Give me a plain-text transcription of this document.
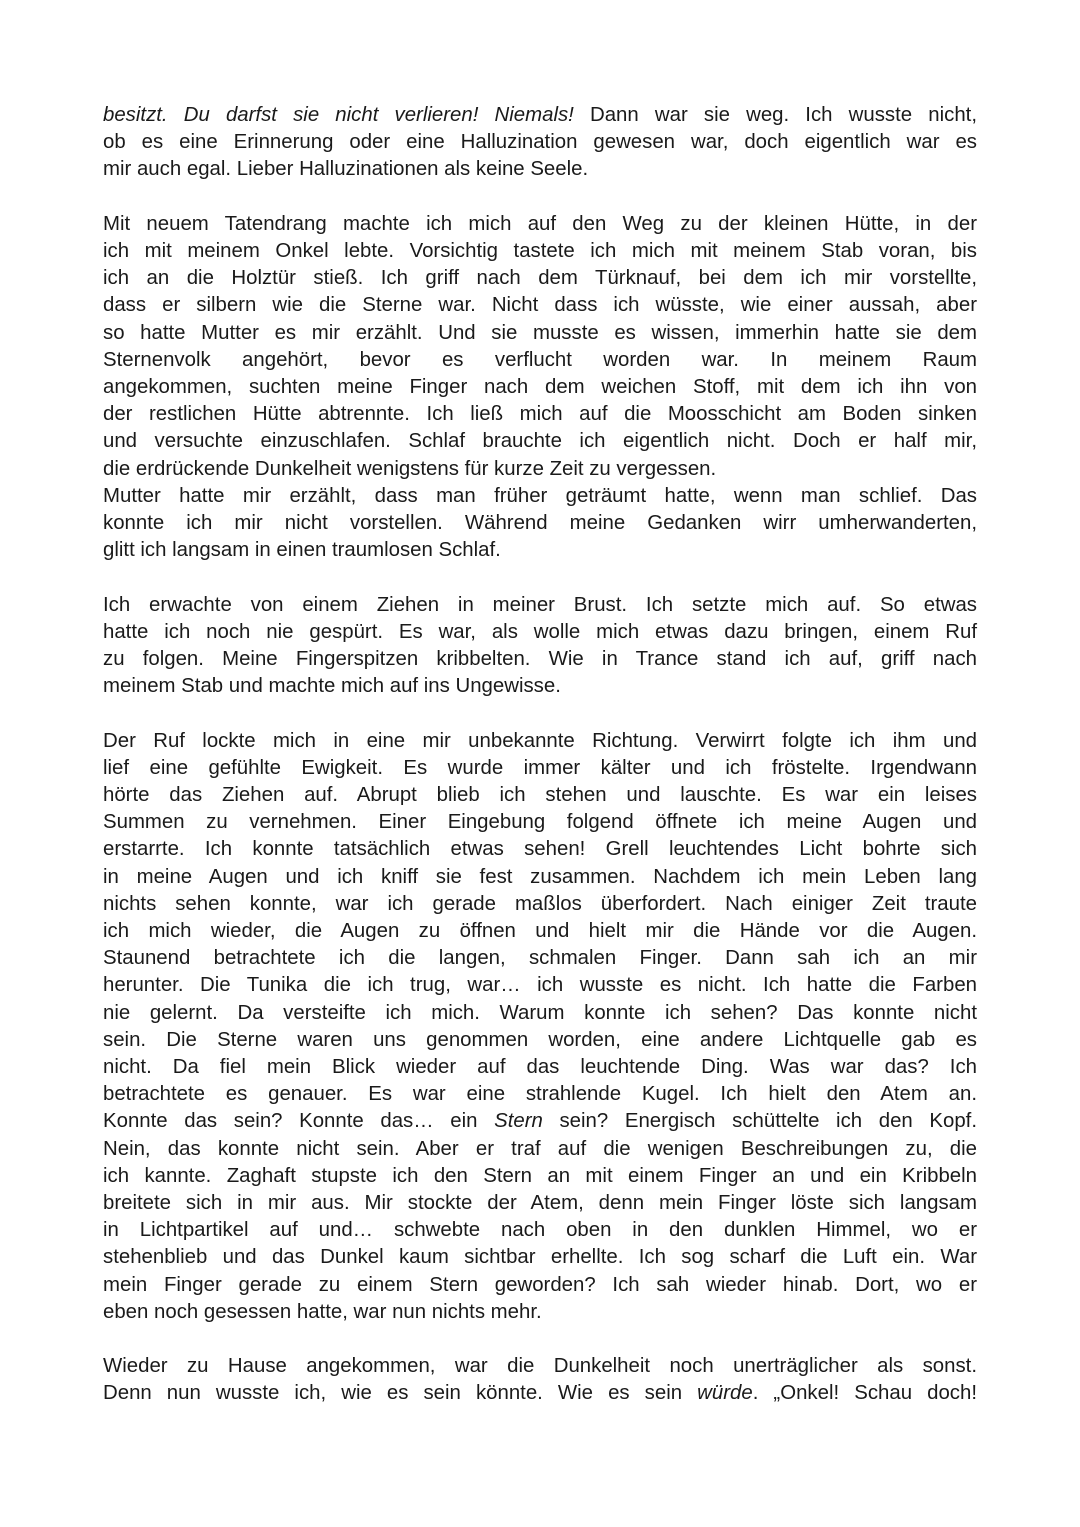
besitzt. Du darfst sie nicht verlieren! Niemals! Dann war sie weg. Ich wusste nicht,
ob es eine Erinnerung oder eine Halluzination gewesen war, doch eigentlich war es
mir auch egal. Lieber Halluzinationen als keine Seele.
Mit neuem Tatendrang machte ich mich auf den Weg zu der kleinen Hütte, in der
ich mit meinem Onkel lebte. Vorsichtig tastete ich mich mit meinem Stab voran, bis
ich an die Holztür stieß. Ich griff nach dem Türknauf, bei dem ich mir vorstellte,
dass er silbern wie die Sterne war. Nicht dass ich wüsste, wie einer aussah, aber
so hatte Mutter es mir erzählt. Und sie musste es wissen, immerhin hatte sie dem
Sternenvolk angehört, bevor es verflucht worden war. In meinem Raum
angekommen, suchten meine Finger nach dem weichen Stoff, mit dem ich ihn von
der restlichen Hütte abtrennte. Ich ließ mich auf die Moosschicht am Boden sinken
und versuchte einzuschlafen. Schlaf brauchte ich eigentlich nicht. Doch er half mir,
die erdrückende Dunkelheit wenigstens für kurze Zeit zu vergessen.
Mutter hatte mir erzählt, dass man früher geträumt hatte, wenn man schlief. Das
konnte ich mir nicht vorstellen. Während meine Gedanken wirr umherwanderten,
glitt ich langsam in einen traumlosen Schlaf.
Ich erwachte von einem Ziehen in meiner Brust. Ich setzte mich auf. So etwas
hatte ich noch nie gespürt. Es war, als wolle mich etwas dazu bringen, einem Ruf
zu folgen. Meine Fingerspitzen kribbelten. Wie in Trance stand ich auf, griff nach
meinem Stab und machte mich auf ins Ungewisse.
Der Ruf lockte mich in eine mir unbekannte Richtung. Verwirrt folgte ich ihm und
lief eine gefühlte Ewigkeit. Es wurde immer kälter und ich fröstelte. Irgendwann
hörte das Ziehen auf. Abrupt blieb ich stehen und lauschte. Es war ein leises
Summen zu vernehmen. Einer Eingebung folgend öffnete ich meine Augen und
erstarrte. Ich konnte tatsächlich etwas sehen! Grell leuchtendes Licht bohrte sich
in meine Augen und ich kniff sie fest zusammen. Nachdem ich mein Leben lang
nichts sehen konnte, war ich gerade maßlos überfordert. Nach einiger Zeit traute
ich mich wieder, die Augen zu öffnen und hielt mir die Hände vor die Augen.
Staunend betrachtete ich die langen, schmalen Finger. Dann sah ich an mir
herunter. Die Tunika die ich trug, war… ich wusste es nicht. Ich hatte die Farben
nie gelernt. Da versteifte ich mich. Warum konnte ich sehen? Das konnte nicht
sein. Die Sterne waren uns genommen worden, eine andere Lichtquelle gab es
nicht. Da fiel mein Blick wieder auf das leuchtende Ding. Was war das? Ich
betrachtete es genauer. Es war eine strahlende Kugel. Ich hielt den Atem an.
Konnte das sein? Konnte das… ein Stern sein? Energisch schüttelte ich den Kopf.
Nein, das konnte nicht sein. Aber er traf auf die wenigen Beschreibungen zu, die
ich kannte. Zaghaft stupste ich den Stern an mit einem Finger an und ein Kribbeln
breitete sich in mir aus. Mir stockte der Atem, denn mein Finger löste sich langsam
in Lichtpartikel auf und… schwebte nach oben in den dunklen Himmel, wo er
stehenblieb und das Dunkel kaum sichtbar erhellte. Ich sog scharf die Luft ein. War
mein Finger gerade zu einem Stern geworden? Ich sah wieder hinab. Dort, wo er
eben noch gesessen hatte, war nun nichts mehr.
Wieder zu Hause angekommen, war die Dunkelheit noch unerträglicher als sonst.
Denn nun wusste ich, wie es sein könnte. Wie es sein würde. „Onkel! Schau doch!
